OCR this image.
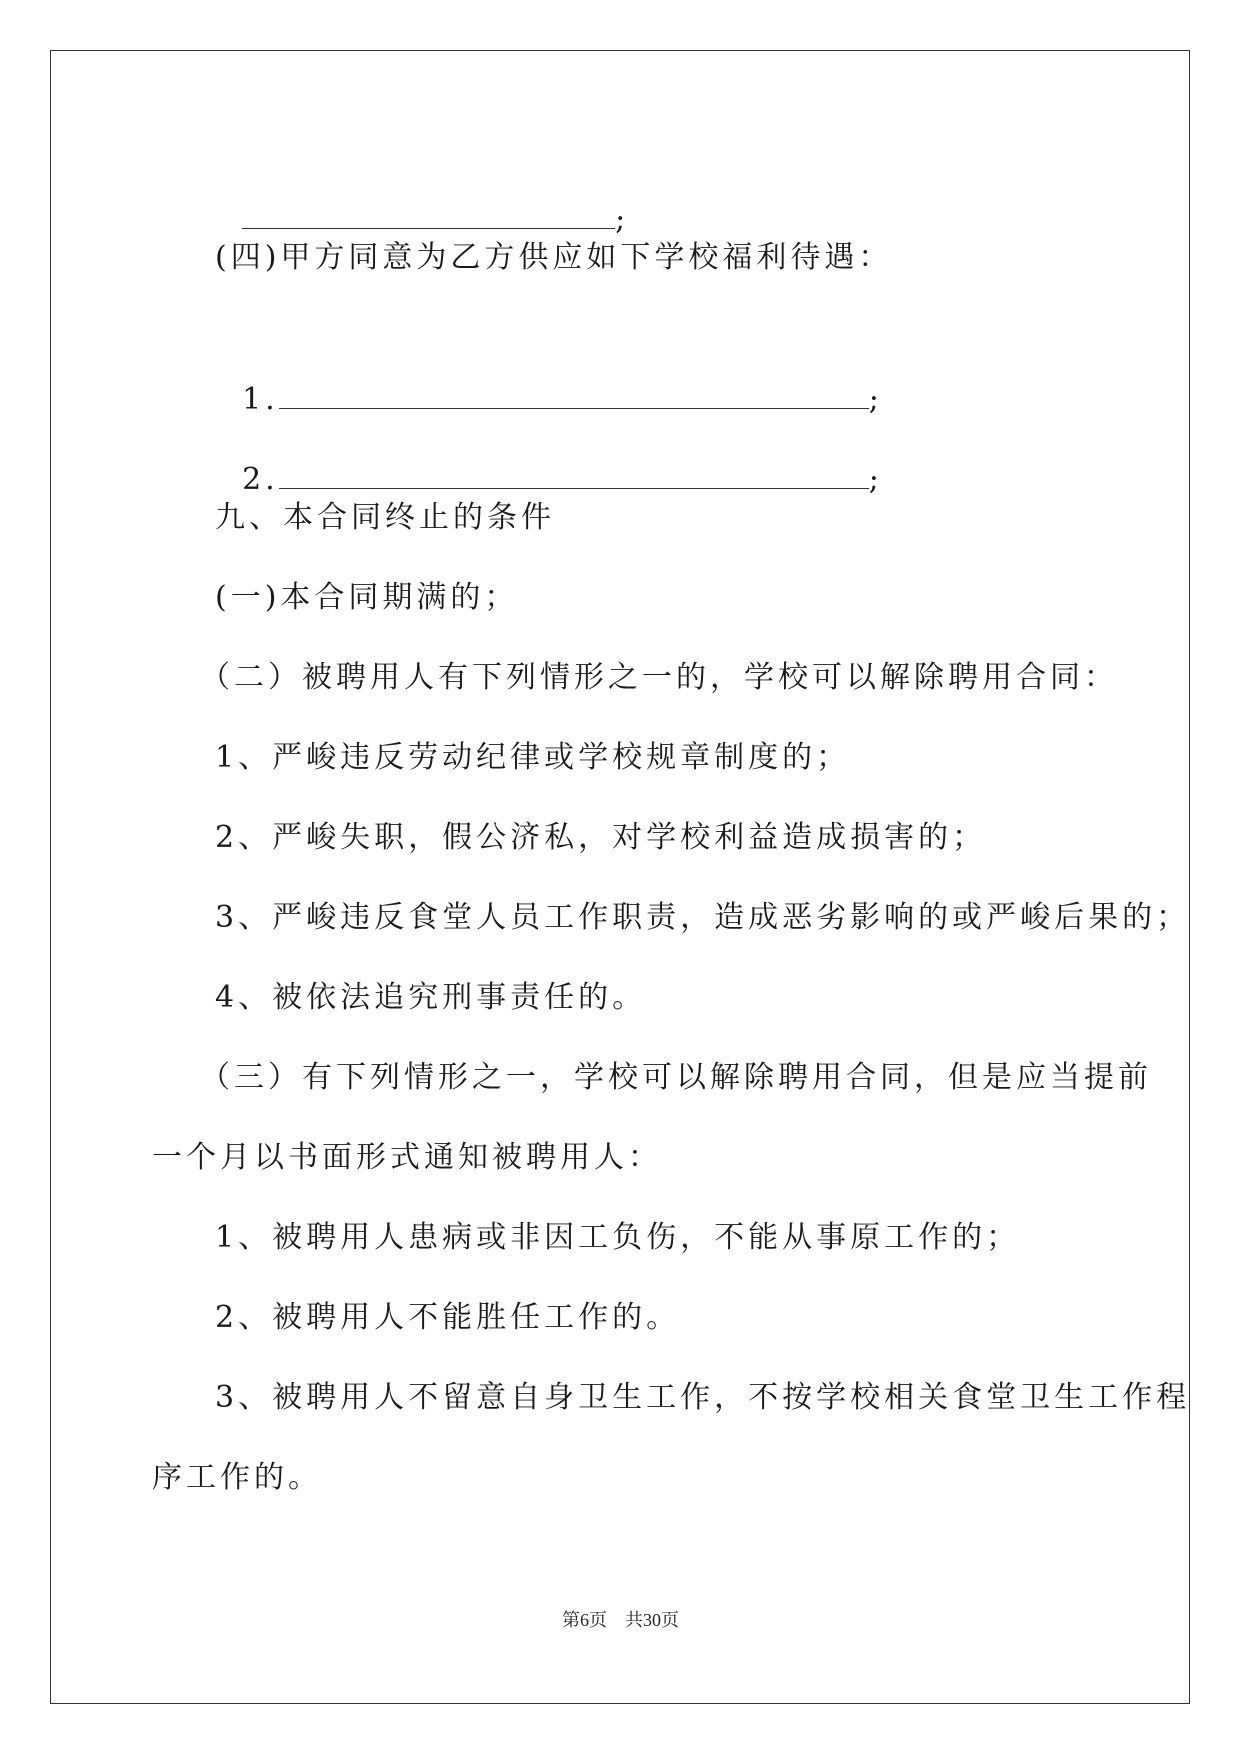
;

(四)甲方同意为乙方供应如下学校福利待遇：

1.	;

2.	;

九、本合同终止的条件
(一)本合同期满的；
（二）被聘用人有下列情形之一的，学校可以解除聘用合同：
1、严峻违反劳动纪律或学校规章制度的；
2、严峻失职，假公济私，对学校利益造成损害的；
3、严峻违反食堂人员工作职责，造成恶劣影响的或严峻后果的；
4、被依法追究刑事责任的。
（三）有下列情形之一，学校可以解除聘用合同，但是应当提前
一个月以书面形式通知被聘用人：
1、被聘用人患病或非因工负伤，不能从事原工作的；
2、被聘用人不能胜任工作的。
3、被聘用人不留意自身卫生工作，不按学校相关食堂卫生工作程
序工作的。
第6页　共30页
